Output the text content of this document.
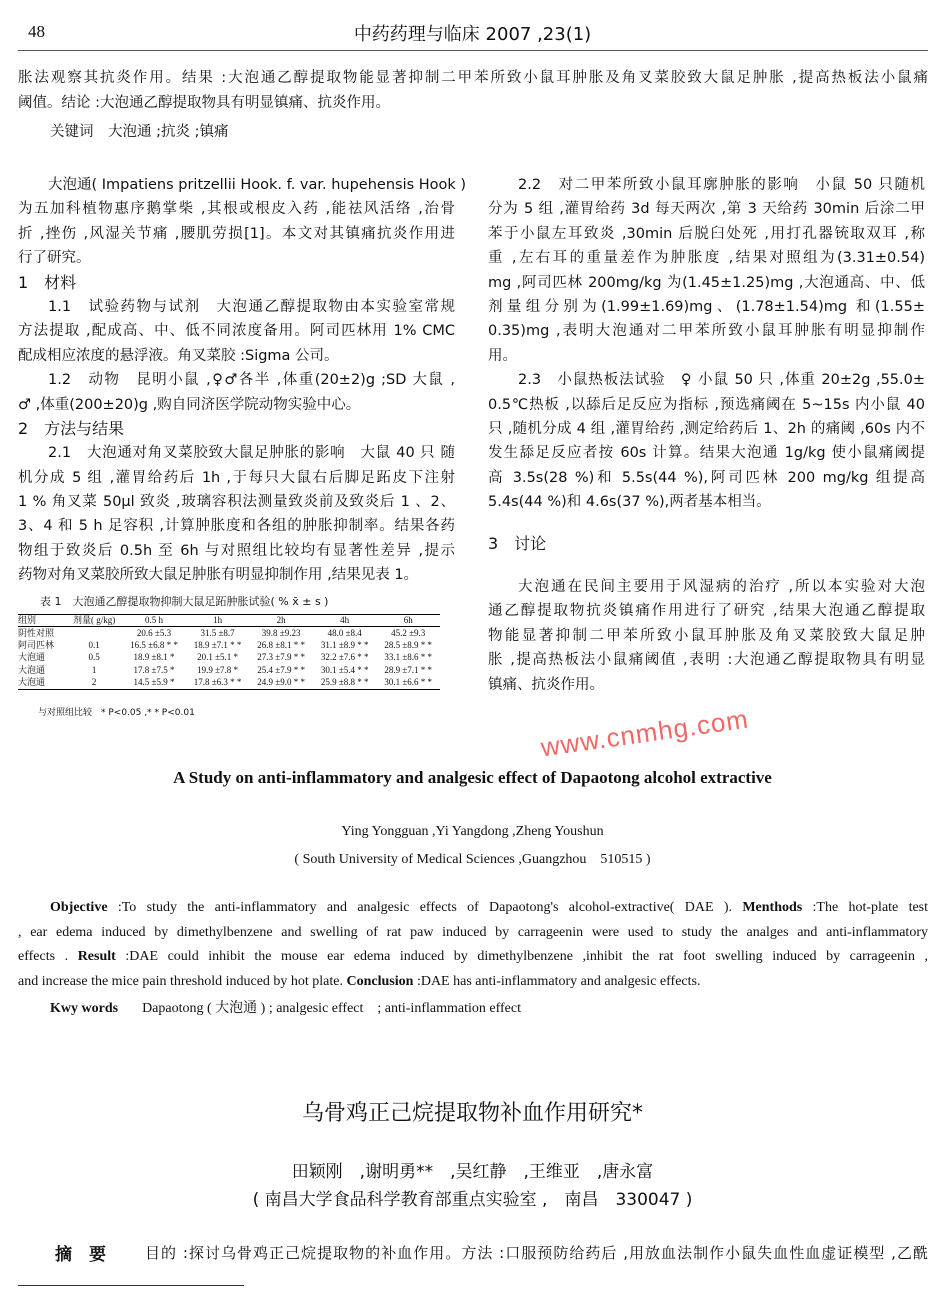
48	中药药理与临床 2007 ,23(1)
胀法观察其抗炎作用。结果 :大泡通乙醇提取物能显著抑制二甲苯所致小鼠耳肿胀及角叉菜胶致大鼠足肿胀 ,提高热板法小鼠痛
阈值。结论 :大泡通乙醇提取物具有明显镇痛、抗炎作用。
关键词　大泡通 ;抗炎 ;镇痛
大泡通( Impatiens pritzellii Hook. f. var. hupehensis Hook )
为五加科植物惠序鹅掌柴 ,其根或根皮入药 ,能祛风活络 ,治骨
折 ,挫伤 ,风湿关节痛 ,腰肌劳损[1]。本文对其镇痛抗炎作用进
行了研究。
1　材料
1.1　试验药物与试剂　大泡通乙醇提取物由本实验室常规
方法提取 ,配成高、中、低不同浓度备用。阿司匹林用 1% CMC
配成相应浓度的悬浮液。角叉菜胶 :Sigma 公司。
1.2　动物　昆明小鼠 ,♀♂各半 ,体重(20±2)g ;SD 大鼠 ,
♂ ,体重(200±20)g ,购自同济医学院动物实验中心。
2　方法与结果
2.1　大泡通对角叉菜胶致大鼠足肿胀的影响　大鼠 40 只 随
机分成 5 组 ,灌胃给药后 1h ,于每只大鼠右后脚足跖皮下注射
1 % 角叉菜 50μl 致炎 ,玻璃容积法测量致炎前及致炎后 1 、2、
3、4 和 5 h 足容积 ,计算肿胀度和各组的肿胀抑制率。结果各药
物组于致炎后 0.5h 至 6h 与对照组比较均有显著性差异 ,提示
药物对角叉菜胶所致大鼠足肿胀有明显抑制作用 ,结果见表 1。
2.2　对二甲苯所致小鼠耳廓肿胀的影响　小鼠 50 只随机
分为 5 组 ,灌胃给药 3d 每天两次 ,第 3 天给药 30min 后涂二甲
苯于小鼠左耳致炎 ,30min 后脱臼处死 ,用打孔器铳取双耳 ,称
重 ,左右耳的重量差作为肿胀度 ,结果对照组为(3.31±0.54)
mg ,阿司匹林 200mg/kg 为(1.45±1.25)mg ,大泡通高、中、低
剂量组分别为(1.99±1.69)mg、(1.78±1.54)mg 和(1.55±
0.35)mg ,表明大泡通对二甲苯所致小鼠耳肿胀有明显抑制作
用。
2.3　小鼠热板法试验　♀ 小鼠 50 只 ,体重 20±2g ,55.0±
0.5℃热板 ,以舔后足反应为指标 ,预选痛阈在 5~15s 内小鼠 40
只 ,随机分成 4 组 ,灌胃给药 ,测定给药后 1、2h 的痛阈 ,60s 内不
发生舔足反应者按 60s 计算。结果大泡通 1g/kg 使小鼠痛阈提
高 3.5s(28 %)和 5.5s(44 %),阿司匹林 200 mg/kg 组提高
5.4s(44 %)和 4.6s(37 %),两者基本相当。
3　讨论
大泡通在民间主要用于风湿病的治疗 ,所以本实验对大泡
通乙醇提取物抗炎镇痛作用进行了研究 ,结果大泡通乙醇提取
物能显著抑制二甲苯所致小鼠耳肿胀及角叉菜胶致大鼠足肿
胀 ,提高热板法小鼠痛阈值 ,表明 :大泡通乙醇提取物具有明显
镇痛、抗炎作用。
表 1　大泡通乙醇提取物抑制大鼠足跖肿胀试验( % x̄ ± s )
组别	剂量( g/kg)	0.5 h	1h	2h	4h	6h
阴性对照		20.6 ±5.3	31.5 ±8.7	39.8 ±9.23	48.0 ±8.4	45.2 ±9.3
阿司匹林	0.1	16.5 ±6.8 * *	18.9 ±7.1 * *	26.8 ±8.1 * *	31.1 ±8.9 * *	28.5 ±8.9 * *
大泡通	0.5	18.9 ±8.1 *	20.1 ±5.1 *	27.3 ±7.9 * *	32.2 ±7.6 * *	33.1 ±8.6 * *
大泡通	1	17.8 ±7.5 *	19.9 ±7.8 *	25.4 ±7.9 * *	30.1 ±5.4 * *	28.9 ±7.1 * *
大泡通	2	14.5 ±5.9 *	17.8 ±6.3 * *	24.9 ±9.0 * *	25.9 ±8.8 * *	30.1 ±6.6 * *
与对照组比较　* P<0.05 ,* * P<0.01	www.cnmhg.com
A Study on anti-inflammatory and analgesic effect of Dapaotong alcohol extractive
Ying Yongguan ,Yi Yangdong ,Zheng Youshun
( South University of Medical Sciences ,Guangzhou　510515 )
Objective :To study the anti-inflammatory and analgesic effects of Dapaotong's alcohol-extractive( DAE ). Menthods :The hot-plate test
, ear edema induced by dimethylbenzene and swelling of rat paw induced by carrageenin were used to study the analges and anti-inflammatory
effects . Result :DAE could inhibit the mouse ear edema induced by dimethylbenzene ,inhibit the rat foot swelling induced by carrageenin ,
and increase the mice pain threshold induced by hot plate. Conclusion :DAE has anti-inflammatory and analgesic effects.
Kwy words Dapaotong ( 大泡通 ) ; analgesic effect　; anti-inflammation effect
乌骨鸡正己烷提取物补血作用研究*
田颖刚　,谢明勇**　,吴红静　,王维亚　,唐永富
( 南昌大学食品科学教育部重点实验室 ,　南昌　330047 )
摘　要	目的 :探讨乌骨鸡正己烷提取物的补血作用。方法 :口服预防给药后 ,用放血法制作小鼠失血性血虚证模型 ,乙酰
